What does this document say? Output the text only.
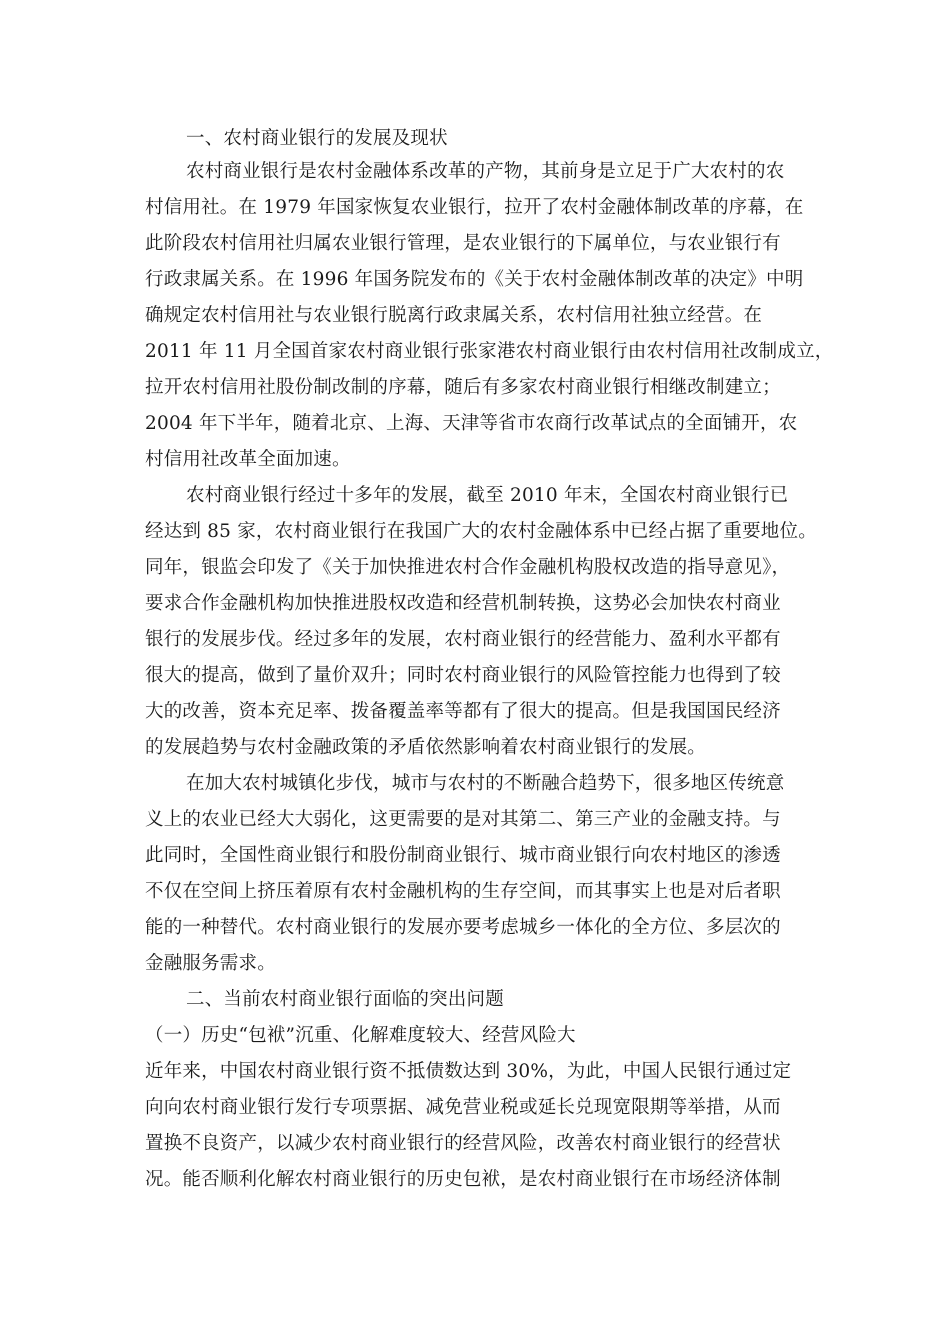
一、农村商业银行的发展及现状
农村商业银行是农村金融体系改革的产物，其前身是立足于广大农村的农
村信用社。在 1979 年国家恢复农业银行，拉开了农村金融体制改革的序幕，在
此阶段农村信用社归属农业银行管理，是农业银行的下属单位，与农业银行有
行政隶属关系。在 1996 年国务院发布的《关于农村金融体制改革的决定》中明
确规定农村信用社与农业银行脱离行政隶属关系，农村信用社独立经营。在
2011 年 11 月全国首家农村商业银行张家港农村商业银行由农村信用社改制成立，
拉开农村信用社股份制改制的序幕，随后有多家农村商业银行相继改制建立；
2004 年下半年，随着北京、上海、天津等省市农商行改革试点的全面铺开，农
村信用社改革全面加速。
农村商业银行经过十多年的发展，截至 2010 年末，全国农村商业银行已
经达到 85 家，农村商业银行在我国广大的农村金融体系中已经占据了重要地位。
同年，银监会印发了《关于加快推进农村合作金融机构股权改造的指导意见》，
要求合作金融机构加快推进股权改造和经营机制转换，这势必会加快农村商业
银行的发展步伐。经过多年的发展，农村商业银行的经营能力、盈利水平都有
很大的提高，做到了量价双升；同时农村商业银行的风险管控能力也得到了较
大的改善，资本充足率、拨备覆盖率等都有了很大的提高。但是我国国民经济
的发展趋势与农村金融政策的矛盾依然影响着农村商业银行的发展。
在加大农村城镇化步伐，城市与农村的不断融合趋势下，很多地区传统意
义上的农业已经大大弱化，这更需要的是对其第二、第三产业的金融支持。与
此同时，全国性商业银行和股份制商业银行、城市商业银行向农村地区的渗透
不仅在空间上挤压着原有农村金融机构的生存空间，而其事实上也是对后者职
能的一种替代。农村商业银行的发展亦要考虑城乡一体化的全方位、多层次的
金融服务需求。
二、当前农村商业银行面临的突出问题
（一）历史“包袱”沉重、化解难度较大、经营风险大
近年来，中国农村商业银行资不抵债数达到 30%，为此，中国人民银行通过定
向向农村商业银行发行专项票据、减免营业税或延长兑现宽限期等举措，从而
置换不良资产，以减少农村商业银行的经营风险，改善农村商业银行的经营状
况。能否顺利化解农村商业银行的历史包袱，是农村商业银行在市场经济体制
